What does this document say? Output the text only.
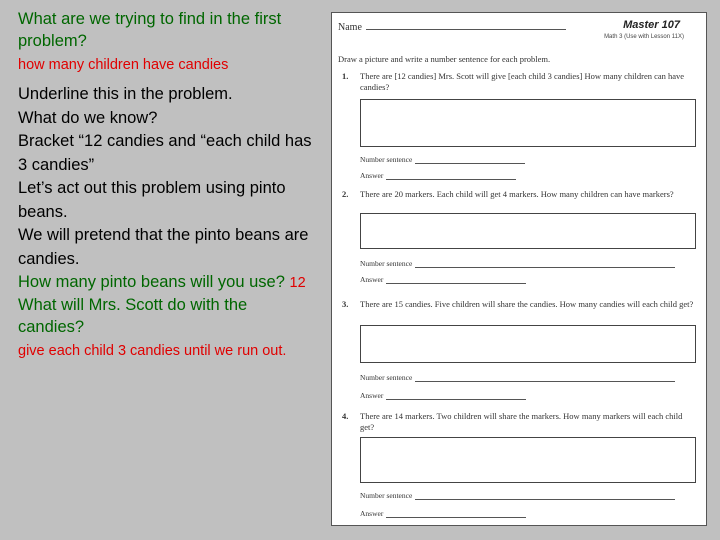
What are we trying to find in the first problem?

how many children have candies

Underline this in the problem.

What do we know?

Bracket “12 candies and “each child has 3 candies”

Let’s act out this problem using pinto beans.

We will pretend that the pinto beans are candies.

How many pinto beans will you use? 12

What will Mrs. Scott do with the candies?

give each child 3 candies until we run out.

Name	Master 107
Math 3 (Use with Lesson 11X)
Draw a picture and write a number sentence for each problem.
1. There are [12 candies] Mrs. Scott will give [each child 3 candies] How many children can have candies?
Number sentence
Answer
2. There are 20 markers. Each child will get 4 markers. How many children can have markers?
Number sentence
Answer
3. There are 15 candies. Five children will share the candies. How many candies will each child get?
Number sentence
Answer
4. There are 14 markers. Two children will share the markers. How many markers will each child get?
Number sentence
Answer
